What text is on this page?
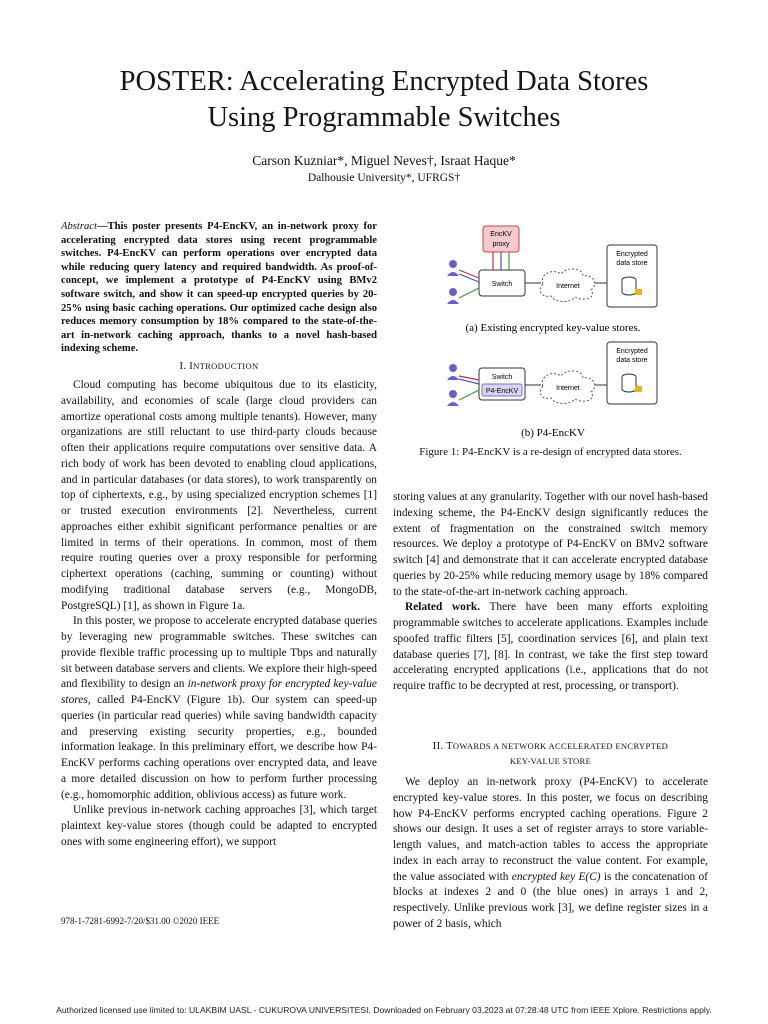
POSTER: Accelerating Encrypted Data Stores
Using Programmable Switches
Carson Kuzniar*, Miguel Neves†, Israat Haque*
Dalhousie University*, UFRGS†
Abstract—This poster presents P4-EncKV, an in-network proxy for accelerating encrypted data stores using recent programmable switches. P4-EncKV can perform operations over encrypted data while reducing query latency and required bandwidth. As proof-of-concept, we implement a prototype of P4-EncKV using BMv2 software switch, and show it can speed-up encrypted queries by 20-25% using basic caching operations. Our optimized cache design also reduces memory consumption by 18% compared to the state-of-the-art in-network caching approach, thanks to a novel hash-based indexing scheme.
I. INTRODUCTION

Cloud computing has become ubiquitous due to its elasticity, availability, and economies of scale (large cloud providers can amortize operational costs among multiple tenants). However, many organizations are still reluctant to use third-party clouds because often their applications require computations over sensitive data. A rich body of work has been devoted to enabling cloud applications, and in particular databases (or data stores), to work transparently on top of ciphertexts, e.g., by using specialized encryption schemes [1] or trusted execution environments [2]. Nevertheless, current approaches either exhibit significant performance penalties or are limited in terms of their operations. In common, most of them require routing queries over a proxy responsible for performing ciphertext operations (caching, summing or counting) without modifying traditional database servers (e.g., MongoDB, PostgreSQL) [1], as shown in Figure 1a.

In this poster, we propose to accelerate encrypted database queries by leveraging new programmable switches. These switches can provide flexible traffic processing up to multiple Tbps and naturally sit between database servers and clients. We explore their high-speed and flexibility to design an in-network proxy for encrypted key-value stores, called P4-EncKV (Figure 1b). Our system can speed-up queries (in particular read queries) while saving bandwidth capacity and preserving existing security properties, e.g., bounded information leakage. In this preliminary effort, we describe how P4-EncKV performs caching operations over encrypted data, and leave a more detailed discussion on how to perform further processing (e.g., homomorphic addition, oblivious access) as future work.

Unlike previous in-network caching approaches [3], which target plaintext key-value stores (though could be adapted to encrypted ones with some engineering effort), we support

978-1-7281-6992-7/20/$31.00 ©2020 IEEE
EncKV
proxy
Switch	Internet
Encrypted
data store
(a) Existing encrypted key-value stores.
Switch
P4-EncKV	Internet
Encrypted
data store
(b) P4-EncKV
Figure 1: P4-EncKV is a re-design of encrypted data stores.

storing values at any granularity. Together with our novel hash-based indexing scheme, the P4-EncKV design significantly reduces the extent of fragmentation on the constrained switch memory resources. We deploy a prototype of P4-EncKV on BMv2 software switch [4] and demonstrate that it can accelerate encrypted database queries by 20-25% while reducing memory usage by 18% compared to the state-of-the-art in-network caching approach.

Related work. There have been many efforts exploiting programmable switches to accelerate applications. Examples include spoofed traffic filters [5], coordination services [6], and plain text database queries [7], [8]. In contrast, we take the first step toward accelerating encrypted applications (i.e., applications that do not require traffic to be decrypted at rest, processing, or transport).

II. TOWARDS A NETWORK ACCELERATED ENCRYPTED
KEY-VALUE STORE

We deploy an in-network proxy (P4-EncKV) to accelerate encrypted key-value stores. In this poster, we focus on describing how P4-EncKV performs encrypted caching operations. Figure 2 shows our design. It uses a set of register arrays to store variable-length values, and match-action tables to access the appropriate index in each array to reconstruct the value content. For example, the value associated with encrypted key E(C) is the concatenation of blocks at indexes 2 and 0 (the blue ones) in arrays 1 and 2, respectively. Unlike previous work [3], we define register sizes in a power of 2 basis, which

Authorized licensed use limited to: ULAKBIM UASL - CUKUROVA UNIVERSITESI. Downloaded on February 03,2023 at 07:28:48 UTC from IEEE Xplore. Restrictions apply.
